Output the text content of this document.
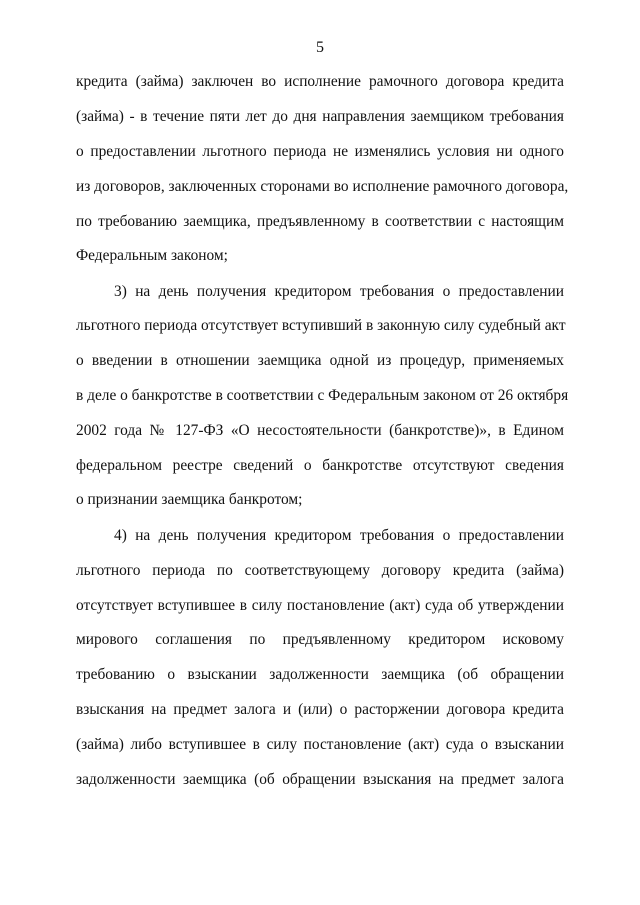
5
кредита (займа) заключен во исполнение рамочного договора кредита
(займа) - в течение пяти лет до дня направления заемщиком требования
о предоставлении льготного периода не изменялись условия ни одного
из договоров, заключенных сторонами во исполнение рамочного договора,
по требованию заемщика, предъявленному в соответствии с настоящим
Федеральным законом;
3) на день получения кредитором требования о предоставлении
льготного периода отсутствует вступивший в законную силу судебный акт
о введении в отношении заемщика одной из процедур, применяемых
в деле о банкротстве в соответствии с Федеральным законом от 26 октября
2002 года № 127-ФЗ «О несостоятельности (банкротстве)», в Едином
федеральном реестре сведений о банкротстве отсутствуют сведения
о признании заемщика банкротом;
4) на день получения кредитором требования о предоставлении
льготного периода по соответствующему договору кредита (займа)
отсутствует вступившее в силу постановление (акт) суда об утверждении
мирового соглашения по предъявленному кредитором исковому
требованию о взыскании задолженности заемщика (об обращении
взыскания на предмет залога и (или) о расторжении договора кредита
(займа) либо вступившее в силу постановление (акт) суда о взыскании
задолженности заемщика (об обращении взыскания на предмет залога
